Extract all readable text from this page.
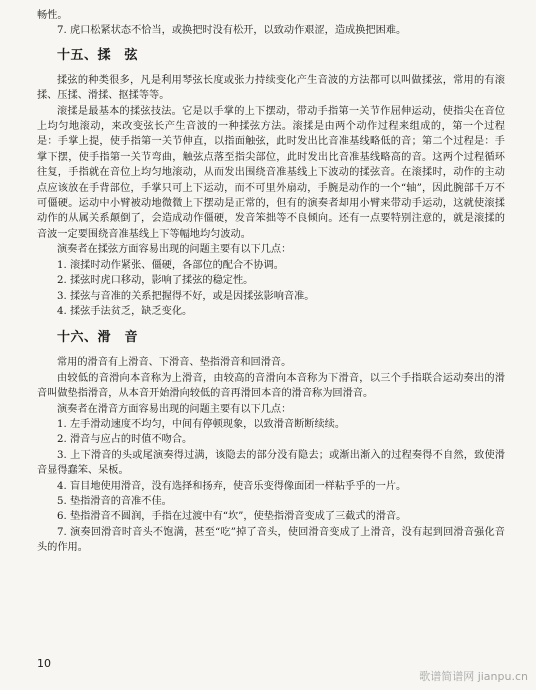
畅性。

7. 虎口松紧状态不恰当，或换把时没有松开，以致动作艰涩，造成换把困难。

十五、揉　弦

揉弦的种类很多，凡是利用琴弦长度或张力持续变化产生音波的方法都可以叫做揉弦，常用的有滚揉、压揉、滑揉、抠揉等等。

滚揉是最基本的揉弦技法。它是以手掌的上下摆动，带动手指第一关节作屈伸运动，使指尖在音位上均匀地滚动，来改变弦长产生音波的一种揉弦方法。滚揉是由两个动作过程来组成的，第一个过程是：手掌上提，使手指第一关节伸直，以指面触弦，此时发出比音准基线略低的音；第二个过程是：手掌下摆，使手指第一关节弯曲，触弦点落至指尖部位，此时发出比音准基线略高的音。这两个过程循环往复，手指就在音位上均匀地滚动，从而发出围绕音准基线上下波动的揉弦音。在滚揉时，动作的主动点应该放在手背部位，手掌只可上下运动，而不可里外扇动，手腕是动作的一个“轴”，因此腕部千万不可僵硬。运动中小臂被动地微微上下摆动是正常的，但有的演奏者却用小臂来带动手运动，这就使滚揉动作的从属关系颠倒了，会造成动作僵硬，发音笨拙等不良倾向。还有一点要特别注意的，就是滚揉的音波一定要围绕音准基线上下等幅地均匀波动。

演奏者在揉弦方面容易出现的问题主要有以下几点：

1. 滚揉时动作紧张、僵硬，各部位的配合不协调。

2. 揉弦时虎口移动，影响了揉弦的稳定性。

3. 揉弦与音准的关系把握得不好，或是因揉弦影响音准。

4. 揉弦手法贫乏，缺乏变化。

十六、滑　音

常用的滑音有上滑音、下滑音、垫指滑音和回滑音。

由较低的音滑向本音称为上滑音，由较高的音滑向本音称为下滑音，以三个手指联合运动奏出的滑音叫做垫指滑音，从本音开始滑向较低的音再滑回本音的滑音称为回滑音。

演奏者在滑音方面容易出现的问题主要有以下几点：

1. 左手滑动速度不均匀，中间有停顿现象，以致滑音断断续续。

2. 滑音与应占的时值不吻合。

3. 上下滑音的头或尾演奏得过满，该隐去的部分没有隐去；或渐出渐入的过程奏得不自然，致使滑音显得蠢笨、呆板。

4. 盲目地使用滑音，没有选择和扬弃，使音乐变得像面团一样粘乎乎的一片。

5. 垫指滑音的音准不佳。

6. 垫指滑音不圆润，手指在过渡中有“坎”，使垫指滑音变成了三截式的滑音。

7. 演奏回滑音时音头不饱满，甚至“吃”掉了音头，使回滑音变成了上滑音，没有起到回滑音强化音头的作用。

10
歌谱简谱网 jianpu.cn
